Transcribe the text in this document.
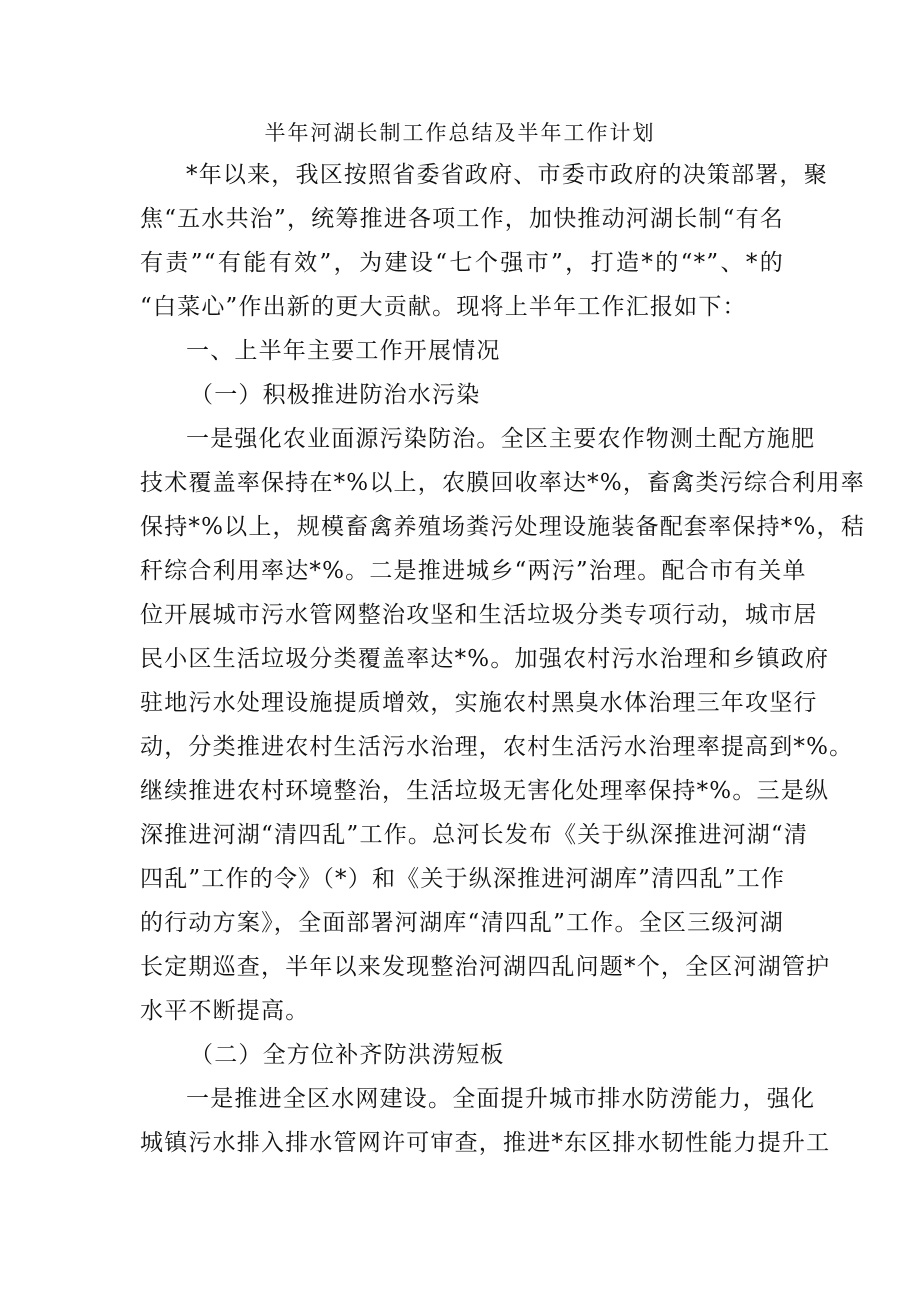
半年河湖长制工作总结及半年工作计划
*年以来，我区按照省委省政府、市委市政府的决策部署，聚
焦“五水共治”，统筹推进各项工作，加快推动河湖长制“有名
有责”“有能有效”，为建设“七个强市”，打造*的“*”、*的
“白菜心”作出新的更大贡献。现将上半年工作汇报如下：
一、上半年主要工作开展情况
（一）积极推进防治水污染
一是强化农业面源污染防治。全区主要农作物测土配方施肥
技术覆盖率保持在*%以上，农膜回收率达*%，畜禽类污综合利用率
保持*%以上，规模畜禽养殖场粪污处理设施装备配套率保持*%，秸
秆综合利用率达*%。二是推进城乡“两污”治理。配合市有关单
位开展城市污水管网整治攻坚和生活垃圾分类专项行动，城市居
民小区生活垃圾分类覆盖率达*%。加强农村污水治理和乡镇政府
驻地污水处理设施提质增效，实施农村黑臭水体治理三年攻坚行
动，分类推进农村生活污水治理，农村生活污水治理率提高到*%。
继续推进农村环境整治，生活垃圾无害化处理率保持*%。三是纵
深推进河湖“清四乱”工作。总河长发布《关于纵深推进河湖“清
四乱”工作的令》（*）和《关于纵深推进河湖库”清四乱”工作
的行动方案》，全面部署河湖库“清四乱”工作。全区三级河湖
长定期巡查，半年以来发现整治河湖四乱问题*个，全区河湖管护
水平不断提高。
（二）全方位补齐防洪涝短板
一是推进全区水网建设。全面提升城市排水防涝能力，强化
城镇污水排入排水管网许可审查，推进*东区排水韧性能力提升工
